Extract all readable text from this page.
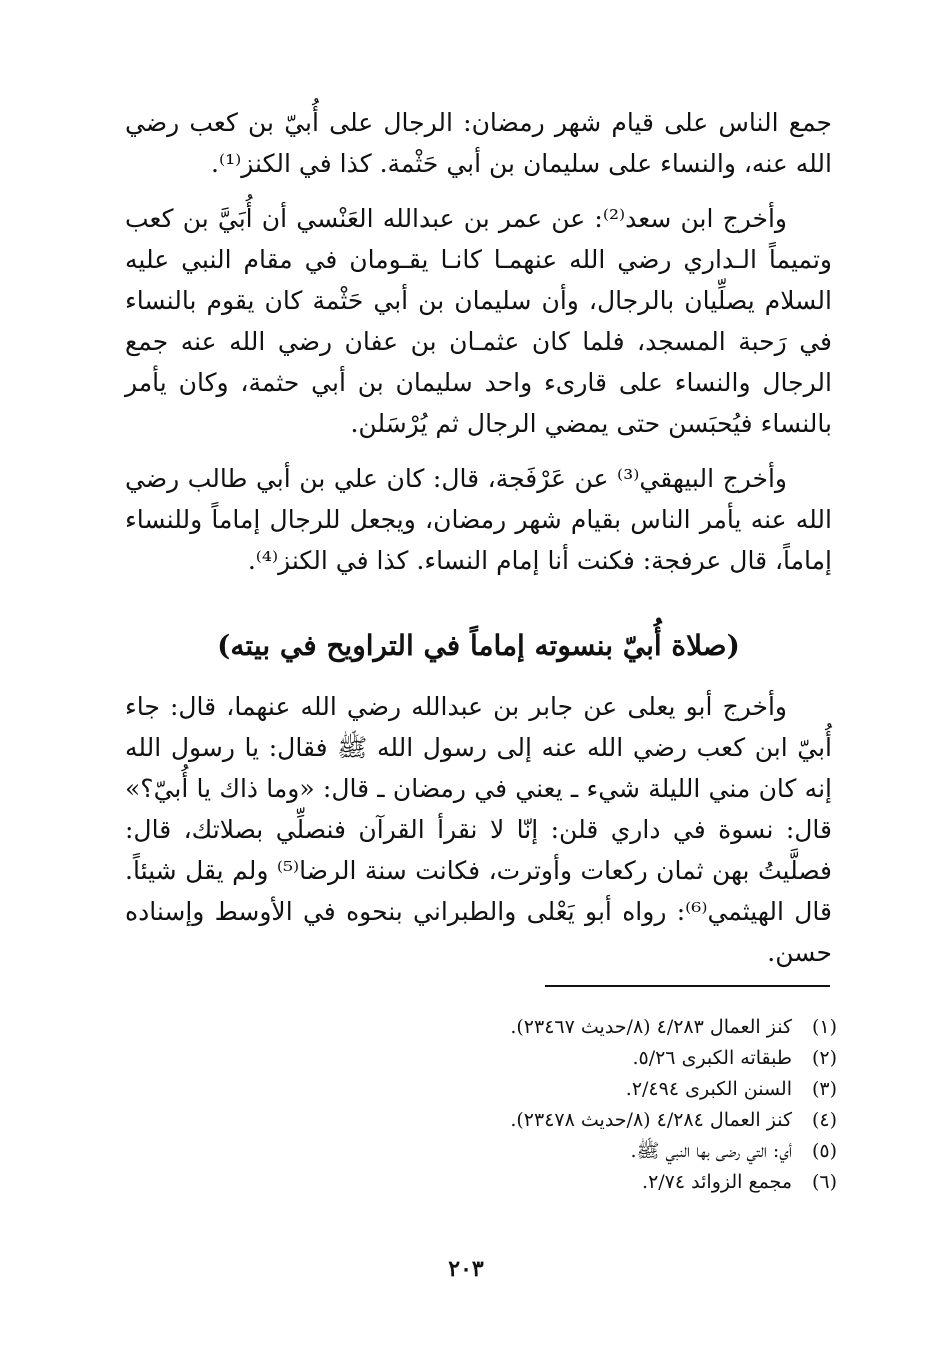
جمع الناس على قيام شهر رمضان: الرجال على أُبيّ بن كعب رضي الله عنه، والنساء على سليمان بن أبي حَثْمة. كذا في الكنز⁽¹⁾.

وأخرج ابن سعد⁽²⁾: عن عمر بن عبدالله العَنْسي أن أُبَيَّ بن كعب وتميماً الـداري رضي الله عنهمـا كانـا يقـومان في مقام النبي عليه السلام يصلِّيان بالرجال، وأن سليمان بن أبي حَثْمة كان يقوم بالنساء في رَحبة المسجد، فلما كان عثمـان بن عفان رضي الله عنه جمع الرجال والنساء على قارىء واحد سليمان بن أبي حثمة، وكان يأمر بالنساء فيُحبَسن حتى يمضي الرجال ثم يُرْسَلن.

وأخرج البيهقي⁽³⁾ عن عَرْفَجة، قال: كان علي بن أبي طالب رضي الله عنه يأمر الناس بقيام شهر رمضان، ويجعل للرجال إماماً وللنساء إماماً، قال عرفجة: فكنت أنا إمام النساء. كذا في الكنز⁽⁴⁾.

(صلاة أُبيّ بنسوته إماماً في التراويح في بيته)

وأخرج أبو يعلى عن جابر بن عبدالله رضي الله عنهما، قال: جاء أُبيّ ابن كعب رضي الله عنه إلى رسول الله ﷺ فقال: يا رسول الله إنه كان مني الليلة شيء ـ يعني في رمضان ـ قال: «وما ذاك يا أُبيّ؟» قال: نسوة في داري قلن: إنّا لا نقرأ القرآن فنصلِّي بصلاتك، قال: فصلَّيتُ بهن ثمان ركعات وأوترت، فكانت سنة الرضا⁽⁵⁾ ولم يقل شيئاً. قال الهيثمي⁽⁶⁾: رواه أبو يَعْلى والطبراني بنحوه في الأوسط وإسناده حسن.

(١)
كنز العمال ٤/٢٨٣ (٨/حديث ٢٣٤٦٧).
(٢)
طبقاته الكبرى ٥/٢٦.
(٣)
السنن الكبرى ٢/٤٩٤.
(٤)
كنز العمال ٤/٢٨٤ (٨/حديث ٢٣٤٧٨).
(٥)
أي: التي رضى بها النبي ﷺ.
(٦)
مجمع الزوائد ٢/٧٤.
٢٠٣
